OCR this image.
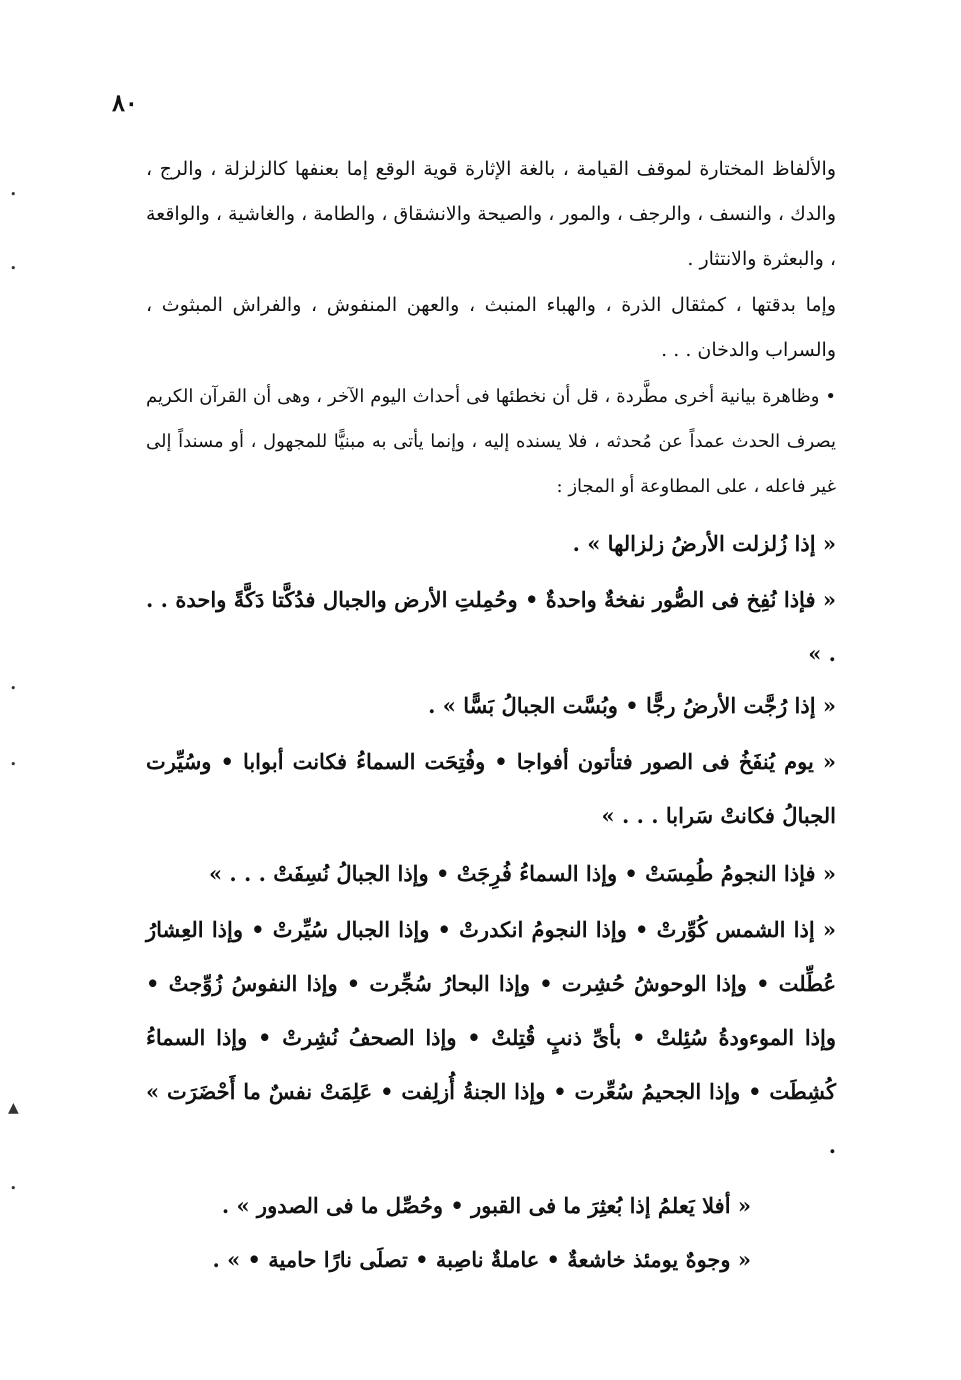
٨٠

والألفاظ المختارة لموقف القيامة ، بالغة الإثارة قوية الوقع إما بعنفها كالزلزلة ، والرج ، والدك ، والنسف ، والرجف ، والمور ، والصيحة والانشقاق ، والطامة ، والغاشية ، والواقعة ، والبعثرة والانتثار .

وإما بدقتها ، كمثقال الذرة ، والهباء المنبث ، والعهن المنفوش ، والفراش المبثوث ، والسراب والدخان . . .

• وظاهرة بيانية أخرى مطَّردة ، قل أن نخطئها فى أحداث اليوم الآخر ، وهى أن القرآن الكريم يصرف الحدث عمداً عن مُحدثه ، فلا يسنده إليه ، وإنما يأتى به مبنيًّا للمجهول ، أو مسنداً إلى غير فاعله ، على المطاوعة أو المجاز :

« إذا زُلزلت الأرضُ زلزالها » .

« فإذا نُفِخ فى الصُّور نفخةٌ واحدةٌ • وحُمِلتِ الأرض والجبال فدُكَّتا دَكَّةً واحدة . . . »

« إذا رُجَّت الأرضُ رجًّا • وبُسَّت الجبالُ بَسًّا » .

« يوم يُنفَخُ فى الصور فتأتون أفواجا • وفُتِحَت السماءُ فكانت أبوابا • وسُيِّرت الجبالُ فكانتْ سَرابا . . . »

« فإذا النجومُ طُمِسَتْ • وإذا السماءُ فُرِجَتْ • وإذا الجبالُ نُسِفَتْ . . . »

« إذا الشمس كُوِّرتْ • وإذا النجومُ انكدرتْ • وإذا الجبال سُيِّرتْ • وإذا العِشارُ عُطِّلت • وإذا الوحوشُ حُشِرت • وإذا البحارُ سُجِّرت • وإذا النفوسُ زُوِّجتْ • وإذا الموءودةُ سُئِلتْ • بأىِّ ذنبٍ قُتِلتْ • وإذا الصحفُ نُشِرتْ • وإذا السماءُ كُشِطَت • وإذا الجحيمُ سُعِّرت • وإذا الجنةُ أُزلِفت • عَلِمَتْ نفسٌ ما أَحْضَرَت » .

« أفلا يَعلمُ إذا بُعثِرَ ما فى القبور • وحُصِّل ما فى الصدور » .

« وجوهٌ يومئذ خاشعةٌ • عاملةٌ ناصِبة • تصلَى نارًا حامية • » .

•
•
•
•
▲
•
